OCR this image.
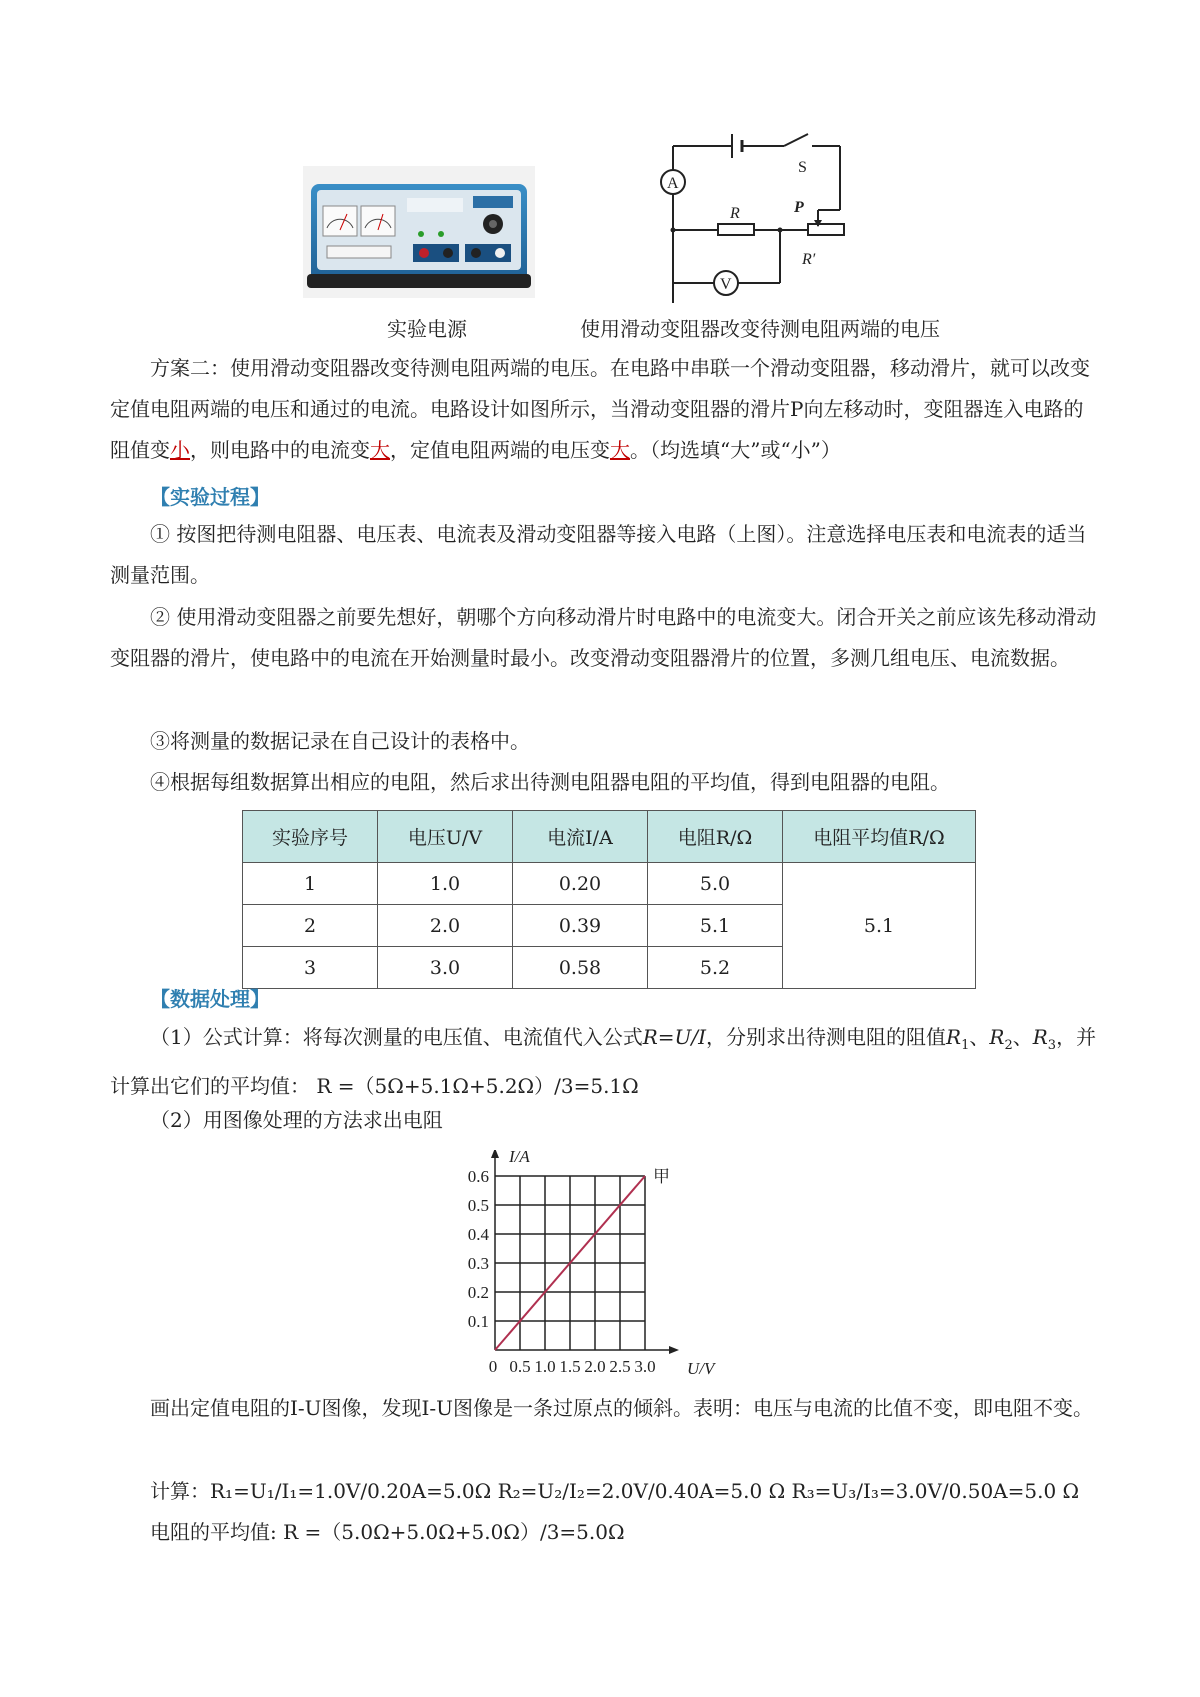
A
V
S
R	P
R′
实验电源	使用滑动变阻器改变待测电阻两端的电压

方案二：使用滑动变阻器改变待测电阻两端的电压。在电路中串联一个滑动变阻器，移动滑片，就可以改变定值电阻两端的电压和通过的电流。电路设计如图所示，当滑动变阻器的滑片P向左移动时，变阻器连入电路的阻值变小，则电路中的电流变大，定值电阻两端的电压变大。（均选填“大”或“小”）

【实验过程】

① 按图把待测电阻器、电压表、电流表及滑动变阻器等接入电路（上图）。注意选择电压表和电流表的适当测量范围。

② 使用滑动变阻器之前要先想好，朝哪个方向移动滑片时电路中的电流变大。闭合开关之前应该先移动滑动变阻器的滑片，使电路中的电流在开始测量时最小。改变滑动变阻器滑片的位置，多测几组电压、电流数据。

③将测量的数据记录在自己设计的表格中。

④根据每组数据算出相应的电阻，然后求出待测电阻器电阻的平均值，得到电阻器的电阻。

实验序号	电压U/V	电流I/A	电阻R/Ω	电阻平均值R/Ω
1	1.0	0.20	5.0	5.1
2	2.0	0.39	5.1	
3	3.0	0.58	5.2	
【数据处理】

（1）公式计算：将每次测量的电压值、电流值代入公式R=U/I，分别求出待测电阻的阻值$R_1$、$R_2$、$R_3$，并计算出它们的平均值： R =（5Ω+5.1Ω+5.2Ω）/3=5.1Ω

（2）用图像处理的方法求出电阻

0 0.5 1.0 1.5 2.0 2.5 3.0
0.1
0.2
0.3
0.4
0.5
0.6
U/V
I/A
甲

画出定值电阻的I-U图像，发现I-U图像是一条过原点的倾斜。表明：电压与电流的比值不变，即电阻不变。

计算：R₁=U₁/I₁=1.0V/0.20A=5.0Ω R₂=U₂/I₂=2.0V/0.40A=5.0 Ω R₃=U₃/I₃=3.0V/0.50A=5.0 Ω

电阻的平均值: R =（5.0Ω+5.0Ω+5.0Ω）/3=5.0Ω
